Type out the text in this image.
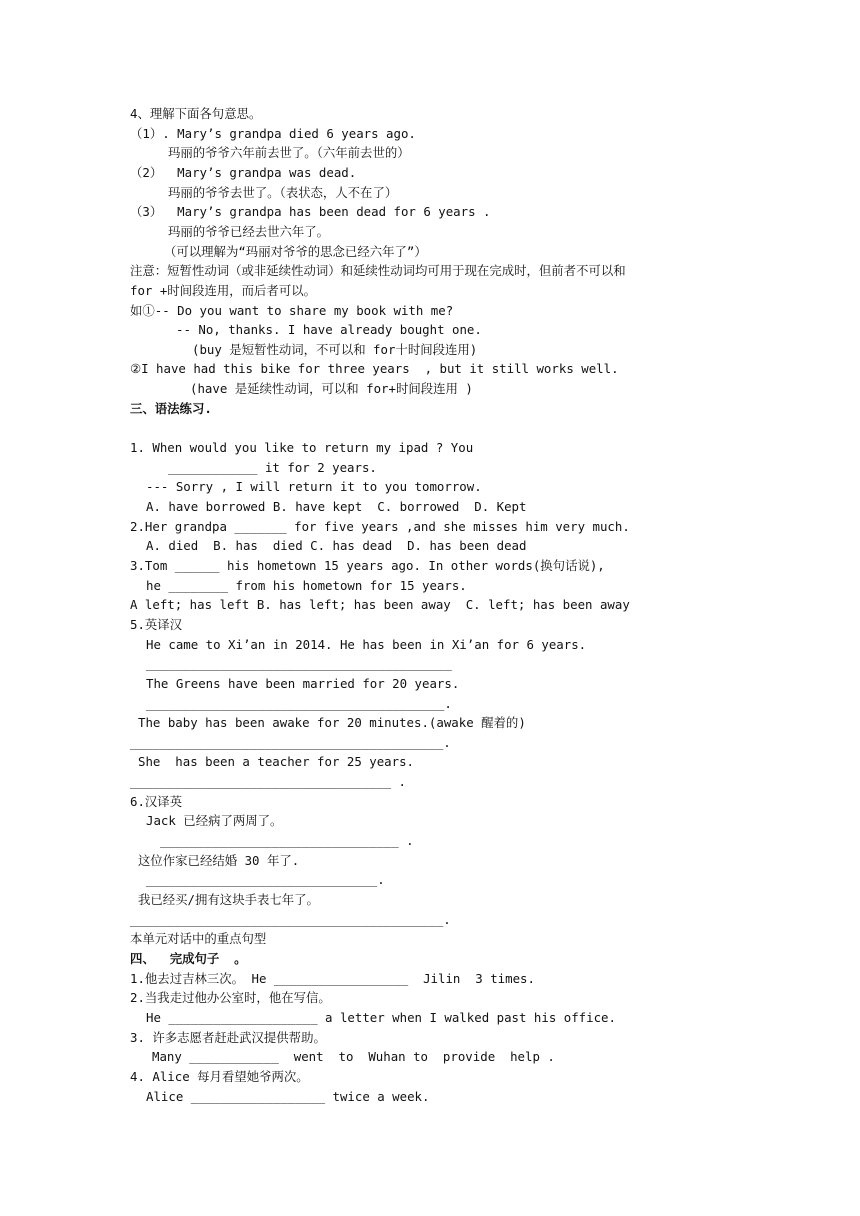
4、理解下面各句意思。
（1）. Mary’s grandpa died 6 years ago.
玛丽的爷爷六年前去世了。（六年前去世的）
（2）  Mary’s grandpa was dead.
玛丽的爷爷去世了。（表状态，人不在了）
（3）  Mary’s grandpa has been dead for 6 years .
玛丽的爷爷已经去世六年了。
（可以理解为“玛丽对爷爷的思念已经六年了”）
注意：短暂性动词（或非延续性动词）和延续性动词均可用于现在完成时，但前者不可以和
for +时间段连用，而后者可以。
如①-- Do you want to share my book with me?
-- No, thanks. I have already bought one.
(buy 是短暂性动词，不可以和 for十时间段连用)
②I have had this bike for three years  , but it still works well.
(have 是延续性动词，可以和 for+时间段连用 )
三、语法练习.
1. When would you like to return my ipad ? You
____________ it for 2 years.
--- Sorry , I will return it to you tomorrow.
A. have borrowed B. have kept  C. borrowed  D. Kept
2.Her grandpa _______ for five years ,and she misses him very much.
A. died  B. has  died C. has dead  D. has been dead
3.Tom ______ his hometown 15 years ago. In other words(换句话说),
he ________ from his hometown for 15 years.
A left; has left B. has left; has been away  C. left; has been away
5.英译汉
He came to Xi’an in 2014. He has been in Xi’an for 6 years.
_________________________________________
The Greens have been married for 20 years.
________________________________________.
The baby has been awake for 20 minutes.(awake 醒着的)
__________________________________________.
She  has been a teacher for 25 years.
___________________________________ .
6.汉译英
Jack 已经病了两周了。
________________________________ .
这位作家已经结婚 30 年了.
_______________________________.
我已经买/拥有这块手表七年了。
__________________________________________.
本单元对话中的重点句型
四、  完成句子  。
1.他去过吉林三次。 He __________________  Jilin  3 times.
2.当我走过他办公室时，他在写信。
He ____________________ a letter when I walked past his office.
3. 许多志愿者赶赴武汉提供帮助。
Many ____________  went  to  Wuhan to  provide  help .
4. Alice 每月看望她爷两次。
Alice __________________ twice a week.
